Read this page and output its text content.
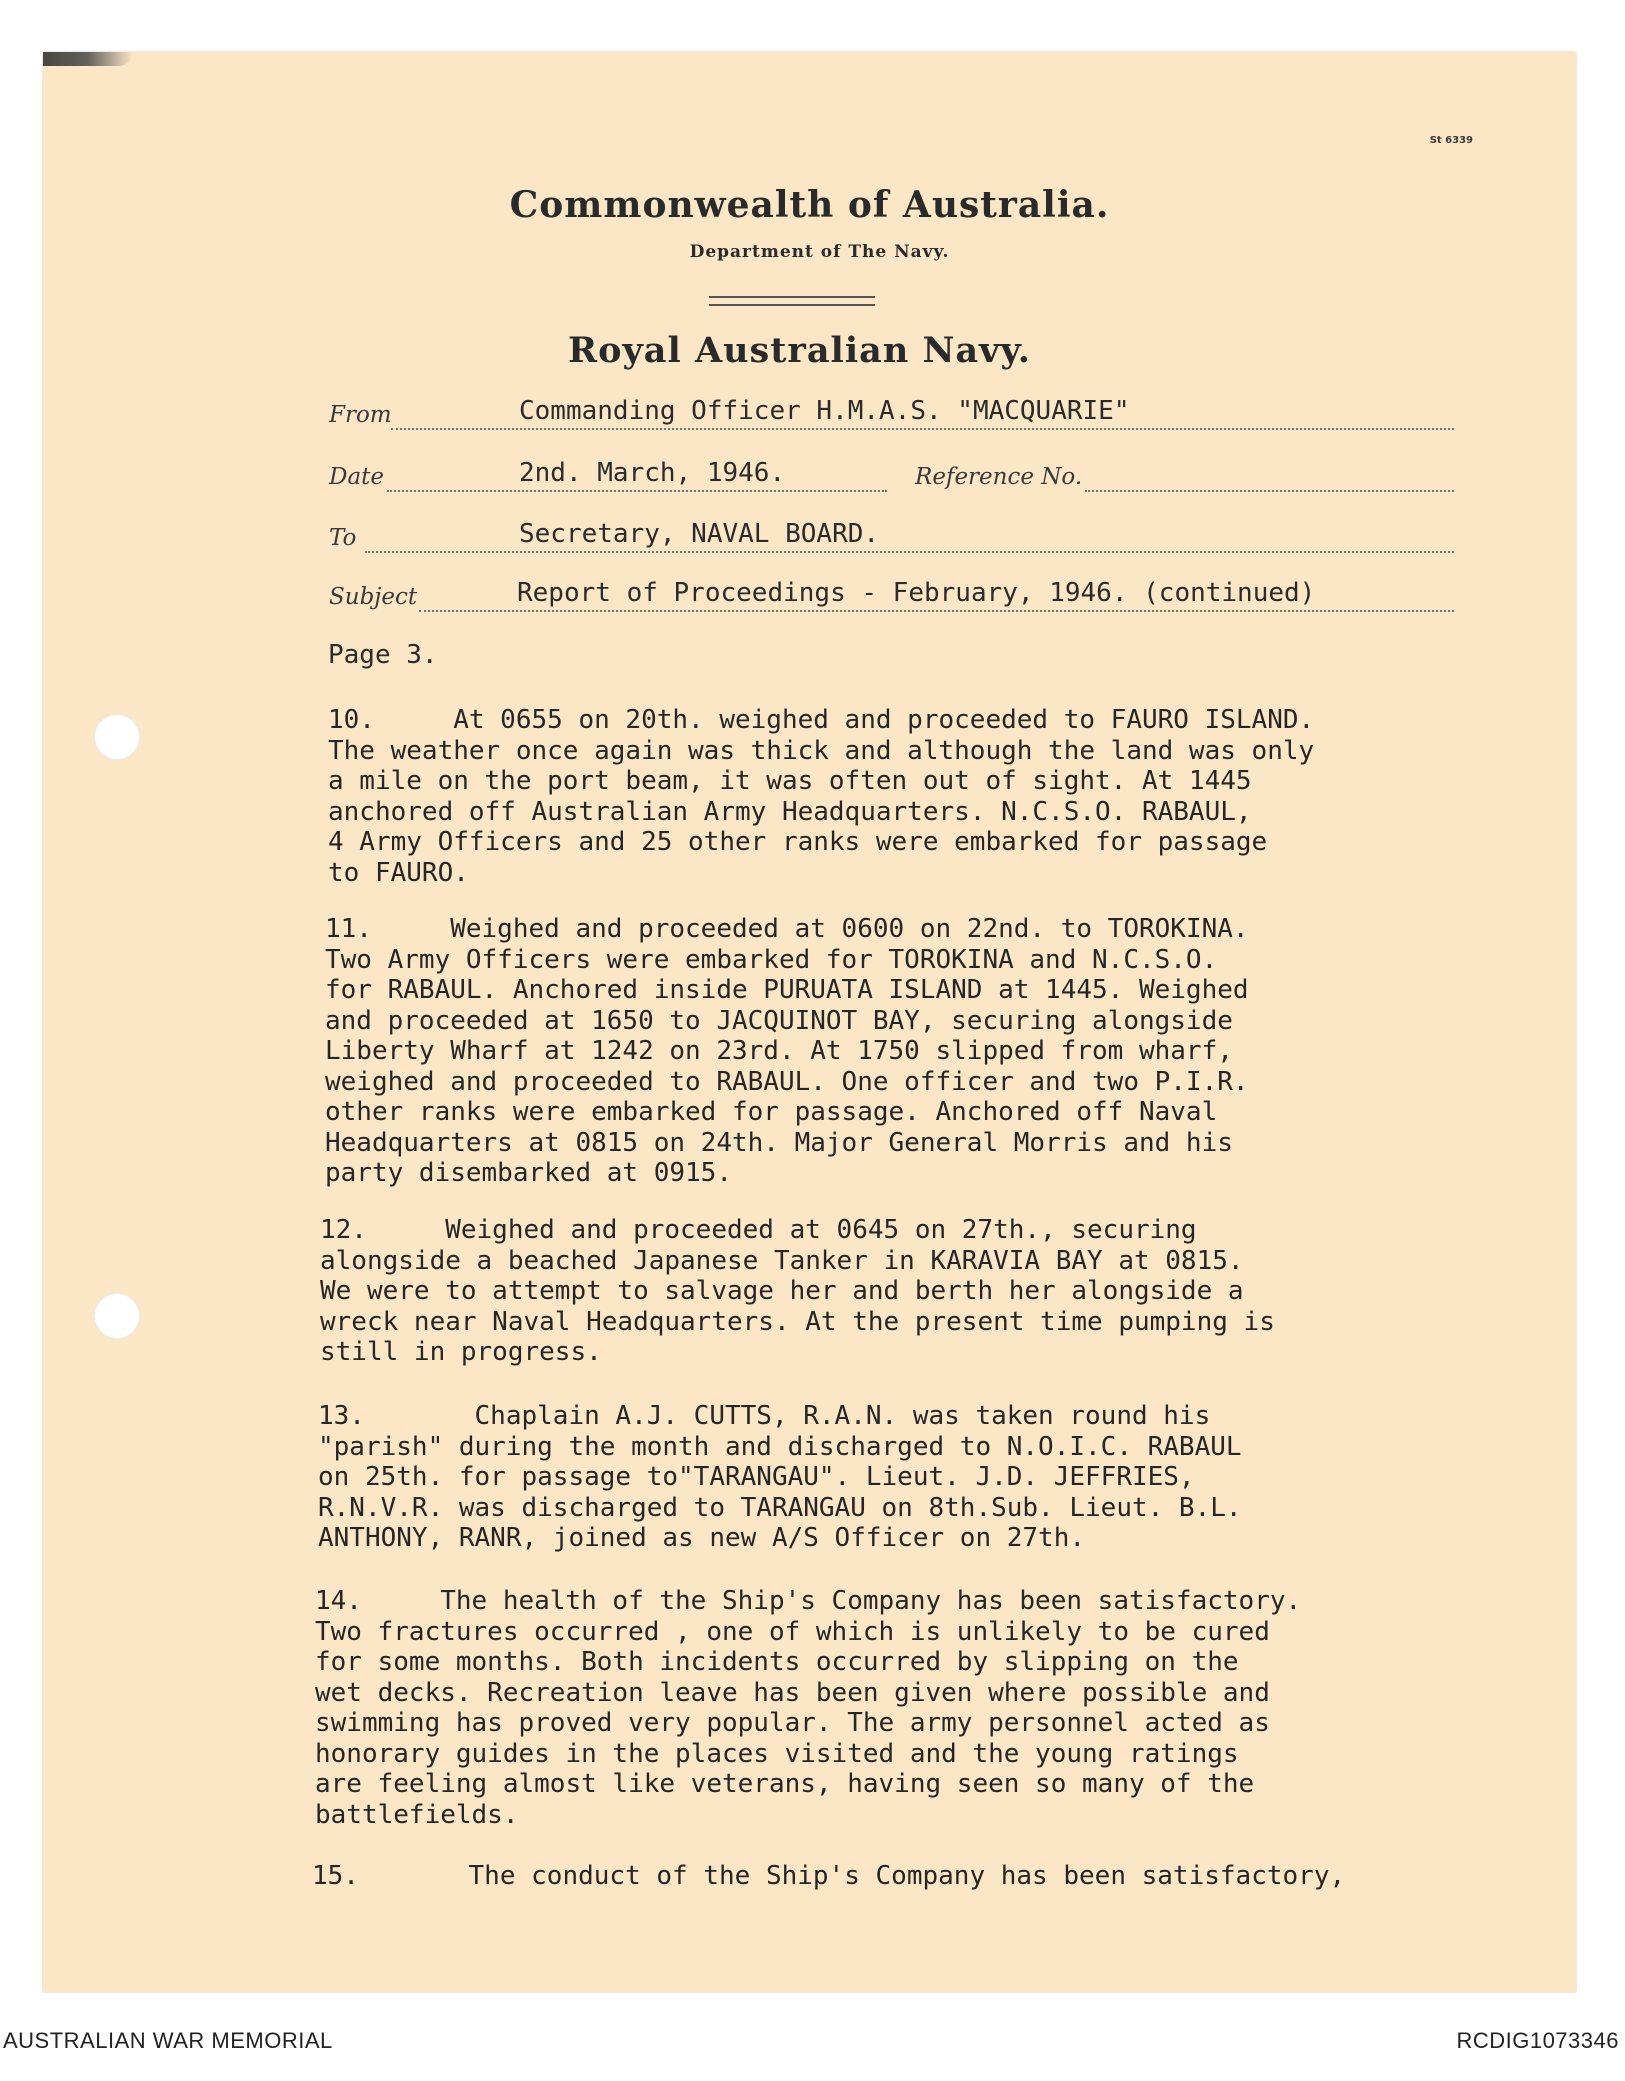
St 6339
Commonwealth of Australia.
Department of The Navy.
Royal Australian Navy.
From	Commanding Officer H.M.A.S. "MACQUARIE"
Date	2nd. March, 1946.	Reference No.
To	Secretary, NAVAL BOARD.
Subject	Report of Proceedings - February, 1946. (continued)
Page 3.

10.     At 0655 on 20th. weighed and proceeded to FAURO ISLAND.
The weather once again was thick and although the land was only
a mile on the port beam, it was often out of sight. At 1445
anchored off Australian Army Headquarters. N.C.S.O. RABAUL,
4 Army Officers and 25 other ranks were embarked for passage
to FAURO.

11.     Weighed and proceeded at 0600 on 22nd. to TOROKINA.
Two Army Officers were embarked for TOROKINA and N.C.S.O.
for RABAUL. Anchored inside PURUATA ISLAND at 1445. Weighed
and proceeded at 1650 to JACQUINOT BAY, securing alongside
Liberty Wharf at 1242 on 23rd. At 1750 slipped from wharf,
weighed and proceeded to RABAUL. One officer and two P.I.R.
other ranks were embarked for passage. Anchored off Naval
Headquarters at 0815 on 24th. Major General Morris and his
party disembarked at 0915.

12.     Weighed and proceeded at 0645 on 27th., securing
alongside a beached Japanese Tanker in KARAVIA BAY at 0815.
We were to attempt to salvage her and berth her alongside a
wreck near Naval Headquarters. At the present time pumping is
still in progress.

13.       Chaplain A.J. CUTTS, R.A.N. was taken round his
"parish" during the month and discharged to N.O.I.C. RABAUL
on 25th. for passage to"TARANGAU". Lieut. J.D. JEFFRIES,
R.N.V.R. was discharged to TARANGAU on 8th.Sub. Lieut. B.L.
ANTHONY, RANR, joined as new A/S Officer on 27th.

14.     The health of the Ship's Company has been satisfactory.
Two fractures occurred , one of which is unlikely to be cured
for some months. Both incidents occurred by slipping on the
wet decks. Recreation leave has been given where possible and
swimming has proved very popular. The army personnel acted as
honorary guides in the places visited and the young ratings
are feeling almost like veterans, having seen so many of the
battlefields.

15.       The conduct of the Ship's Company has been satisfactory,

AUSTRALIAN WAR MEMORIAL	RCDIG1073346
